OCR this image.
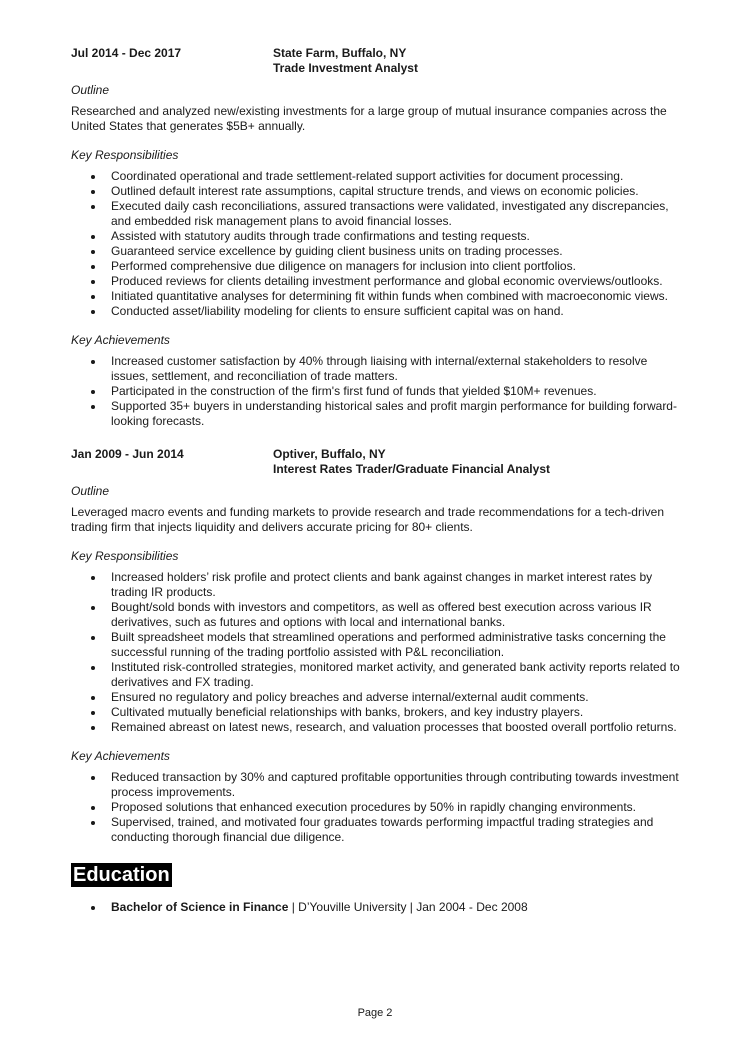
Jul 2014 - Dec 2017	State Farm, Buffalo, NY
Trade Investment Analyst
Outline

Researched and analyzed new/existing investments for a large group of mutual insurance companies across the United States that generates $5B+ annually.

Key Responsibilities
Coordinated operational and trade settlement-related support activities for document processing.
Outlined default interest rate assumptions, capital structure trends, and views on economic policies.
Executed daily cash reconciliations, assured transactions were validated, investigated any discrepancies, and embedded risk management plans to avoid financial losses.
Assisted with statutory audits through trade confirmations and testing requests.
Guaranteed service excellence by guiding client business units on trading processes.
Performed comprehensive due diligence on managers for inclusion into client portfolios.
Produced reviews for clients detailing investment performance and global economic overviews/outlooks.
Initiated quantitative analyses for determining fit within funds when combined with macroeconomic views.
Conducted asset/liability modeling for clients to ensure sufficient capital was on hand.
Key Achievements
Increased customer satisfaction by 40% through liaising with internal/external stakeholders to resolve issues, settlement, and reconciliation of trade matters.
Participated in the construction of the firm's first fund of funds that yielded $10M+ revenues.
Supported 35+ buyers in understanding historical sales and profit margin performance for building forward-looking forecasts.
Jan 2009 - Jun 2014	Optiver, Buffalo, NY
Interest Rates Trader/Graduate Financial Analyst
Outline

Leveraged macro events and funding markets to provide research and trade recommendations for a tech-driven trading firm that injects liquidity and delivers accurate pricing for 80+ clients.

Key Responsibilities
Increased holders’ risk profile and protect clients and bank against changes in market interest rates by trading IR products.
Bought/sold bonds with investors and competitors, as well as offered best execution across various IR derivatives, such as futures and options with local and international banks.
Built spreadsheet models that streamlined operations and performed administrative tasks concerning the successful running of the trading portfolio assisted with P&L reconciliation.
Instituted risk-controlled strategies, monitored market activity, and generated bank activity reports related to derivatives and FX trading.
Ensured no regulatory and policy breaches and adverse internal/external audit comments.
Cultivated mutually beneficial relationships with banks, brokers, and key industry players.
Remained abreast on latest news, research, and valuation processes that boosted overall portfolio returns.
Key Achievements
Reduced transaction by 30% and captured profitable opportunities through contributing towards investment process improvements.
Proposed solutions that enhanced execution procedures by 50% in rapidly changing environments.
Supervised, trained, and motivated four graduates towards performing impactful trading strategies and conducting thorough financial due diligence.
Education
Bachelor of Science in Finance | D’Youville University | Jan 2004 - Dec 2008
Page 2
